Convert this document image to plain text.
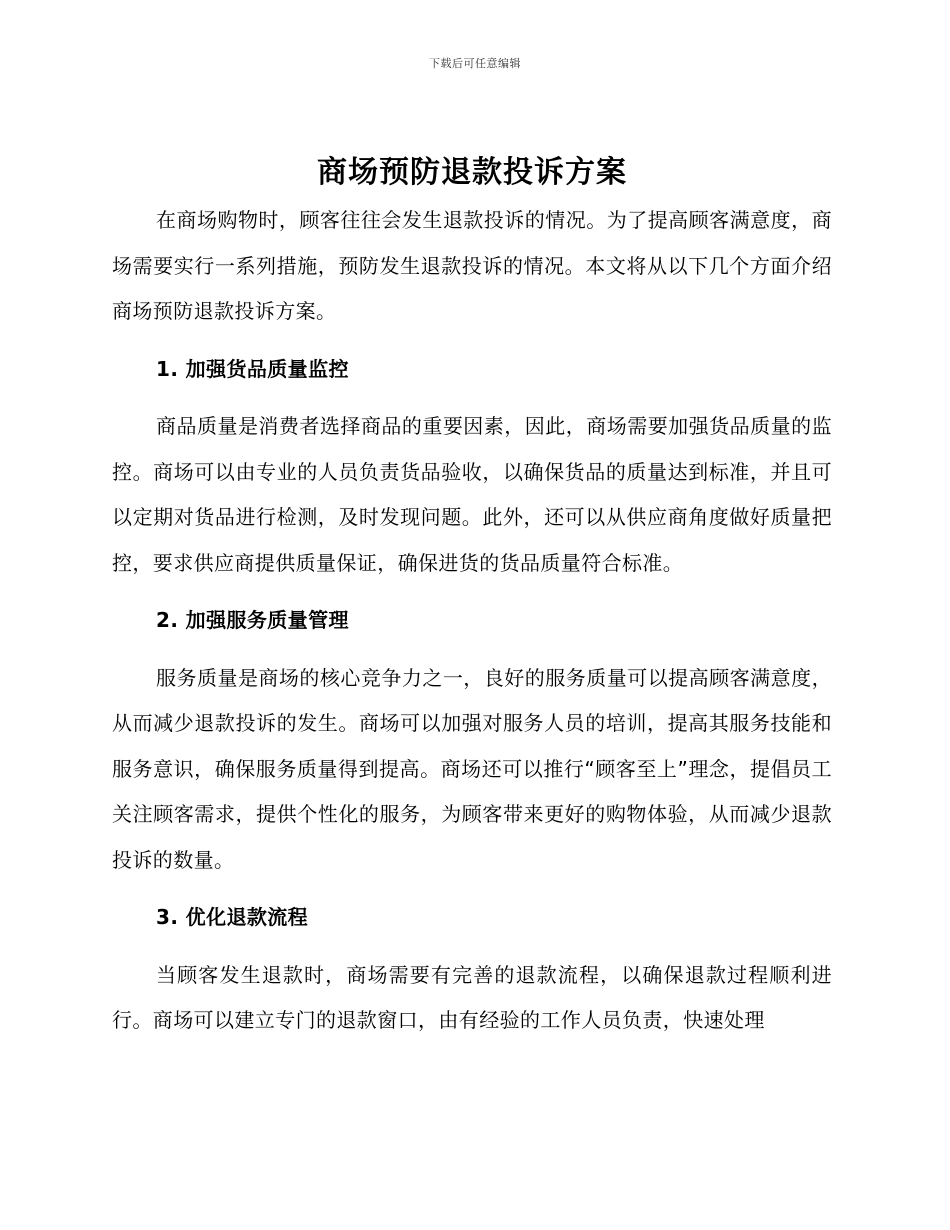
下载后可任意编辑
商场预防退款投诉方案

在商场购物时，顾客往往会发生退款投诉的情况。为了提高顾客满意度，商场需要实行一系列措施，预防发生退款投诉的情况。本文将从以下几个方面介绍商场预防退款投诉方案。

1. 加强货品质量监控

商品质量是消费者选择商品的重要因素，因此，商场需要加强货品质量的监控。商场可以由专业的人员负责货品验收，以确保货品的质量达到标准，并且可以定期对货品进行检测，及时发现问题。此外，还可以从供应商角度做好质量把控，要求供应商提供质量保证，确保进货的货品质量符合标准。

2. 加强服务质量管理

服务质量是商场的核心竞争力之一，良好的服务质量可以提高顾客满意度，从而减少退款投诉的发生。商场可以加强对服务人员的培训，提高其服务技能和服务意识，确保服务质量得到提高。商场还可以推行“顾客至上”理念，提倡员工关注顾客需求，提供个性化的服务，为顾客带来更好的购物体验，从而减少退款投诉的数量。

3. 优化退款流程

当顾客发生退款时，商场需要有完善的退款流程，以确保退款过程顺利进行。商场可以建立专门的退款窗口，由有经验的工作人员负责，快速处理
